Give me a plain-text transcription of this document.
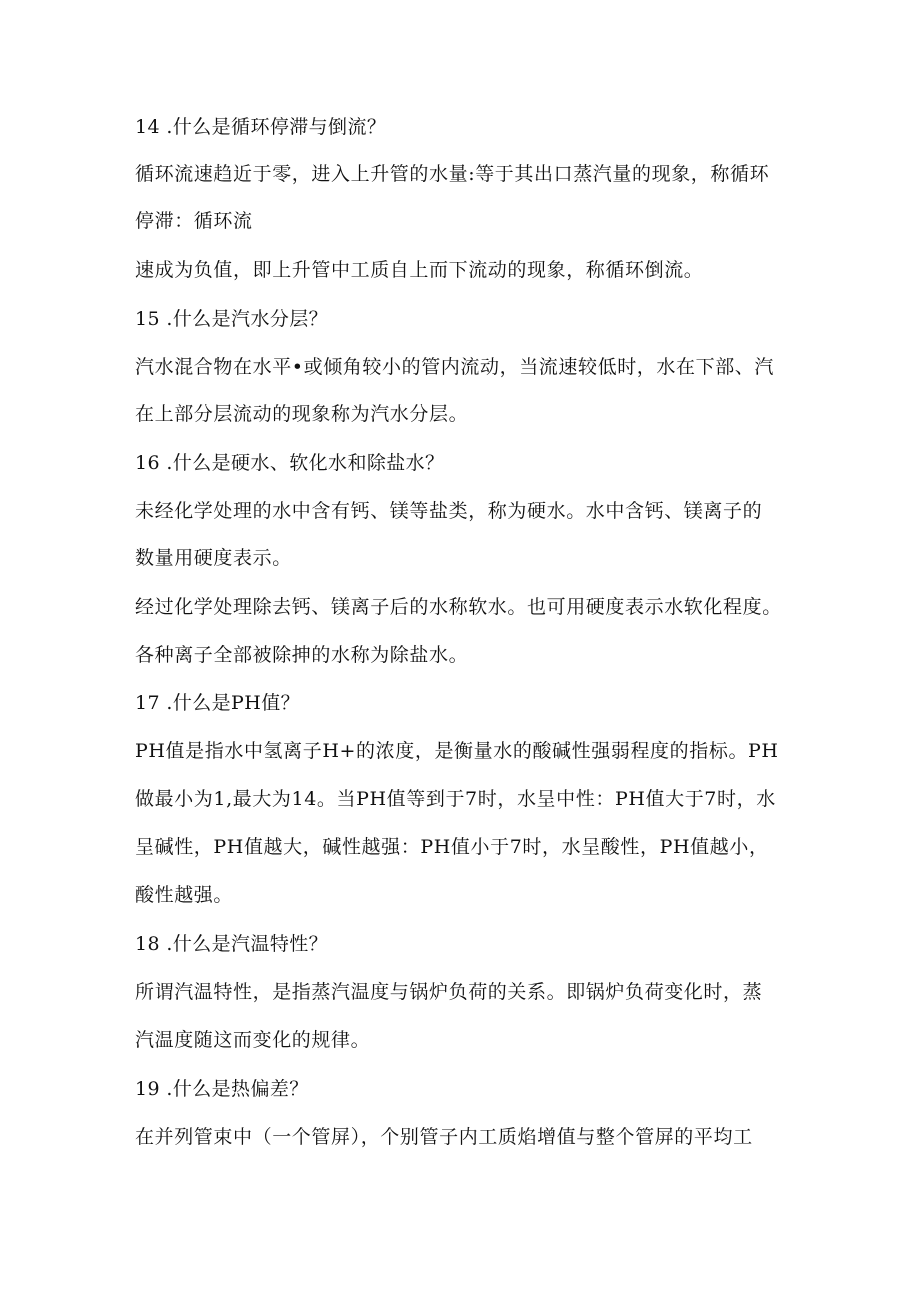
14 .什么是循环停滞与倒流？
循环流速趋近于零，进入上升管的水量:等于其出口蒸汽量的现象，称循环
停滞：循环流
速成为负值，即上升管中工质自上而下流动的现象，称循环倒流。
15 .什么是汽水分层？
汽水混合物在水平•或倾角较小的管内流动，当流速较低时，水在下部、汽
在上部分层流动的现象称为汽水分层。
16 .什么是硬水、软化水和除盐水？
未经化学处理的水中含有钙、镁等盐类，称为硬水。水中含钙、镁离子的
数量用硬度表示。
经过化学处理除去钙、镁离子后的水称软水。也可用硬度表示水软化程度。
各种离子全部被除抻的水称为除盐水。
17 .什么是PH值？
PH值是指水中氢离子H+的浓度，是衡量水的酸碱性强弱程度的指标。PH
做最小为1,最大为14。当PH值等到于7时，水呈中性：PH值大于7时，水
呈碱性，PH值越大，碱性越强：PH值小于7时，水呈酸性，PH值越小，
酸性越强。
18 .什么是汽温特性？
所谓汽温特性，是指蒸汽温度与锅炉负荷的关系。即锅炉负荷变化时，蒸
汽温度随这而变化的规律。
19 .什么是热偏差？
在并列管束中（一个管屏），个别管子内工质焰增值与整个管屏的平均工
